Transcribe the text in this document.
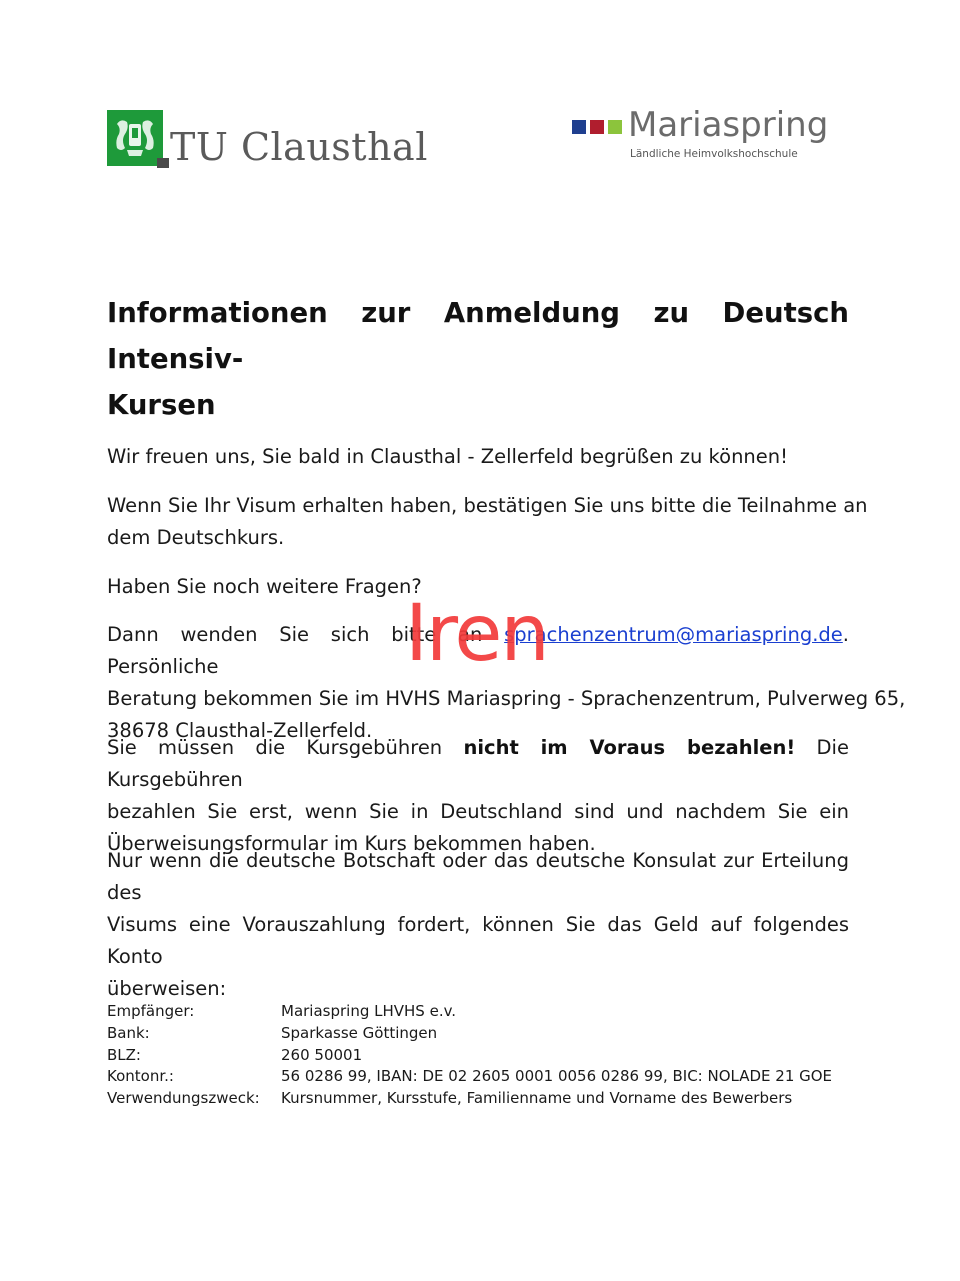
TU Clausthal	Mariaspring
Ländliche Heimvolkshochschule
Informationen zur Anmeldung zu Deutsch Intensiv-
Kursen

Wir freuen uns, Sie bald in Clausthal - Zellerfeld begrüßen zu können!

Wenn Sie Ihr Visum erhalten haben, bestätigen Sie uns bitte die Teilnahme an
dem Deutschkurs.

Haben Sie noch weitere Fragen?

Dann wenden Sie sich bitte an sprachenzentrum@mariaspring.de. Persönliche
Beratung bekommen Sie im HVHS Mariaspring - Sprachenzentrum, Pulverweg 65,
38678 Clausthal-Zellerfeld.

Sie müssen die Kursgebühren nicht im Voraus bezahlen! Die Kursgebühren
bezahlen Sie erst, wenn Sie in Deutschland sind und nachdem Sie ein
Überweisungsformular im Kurs bekommen haben.

Nur wenn die deutsche Botschaft oder das deutsche Konsulat zur Erteilung des
Visums eine Vorauszahlung fordert, können Sie das Geld auf folgendes Konto
überweisen:

Iren
Empfänger:	Mariaspring LHVHS e.v.
Bank:	Sparkasse Göttingen
BLZ:	260 50001
Kontonr.:	56 0286 99, IBAN: DE 02 2605 0001 0056 0286 99, BIC: NOLADE 21 GOE
Verwendungszweck: Kursnummer, Kursstufe, Familienname und Vorname des Bewerbers
